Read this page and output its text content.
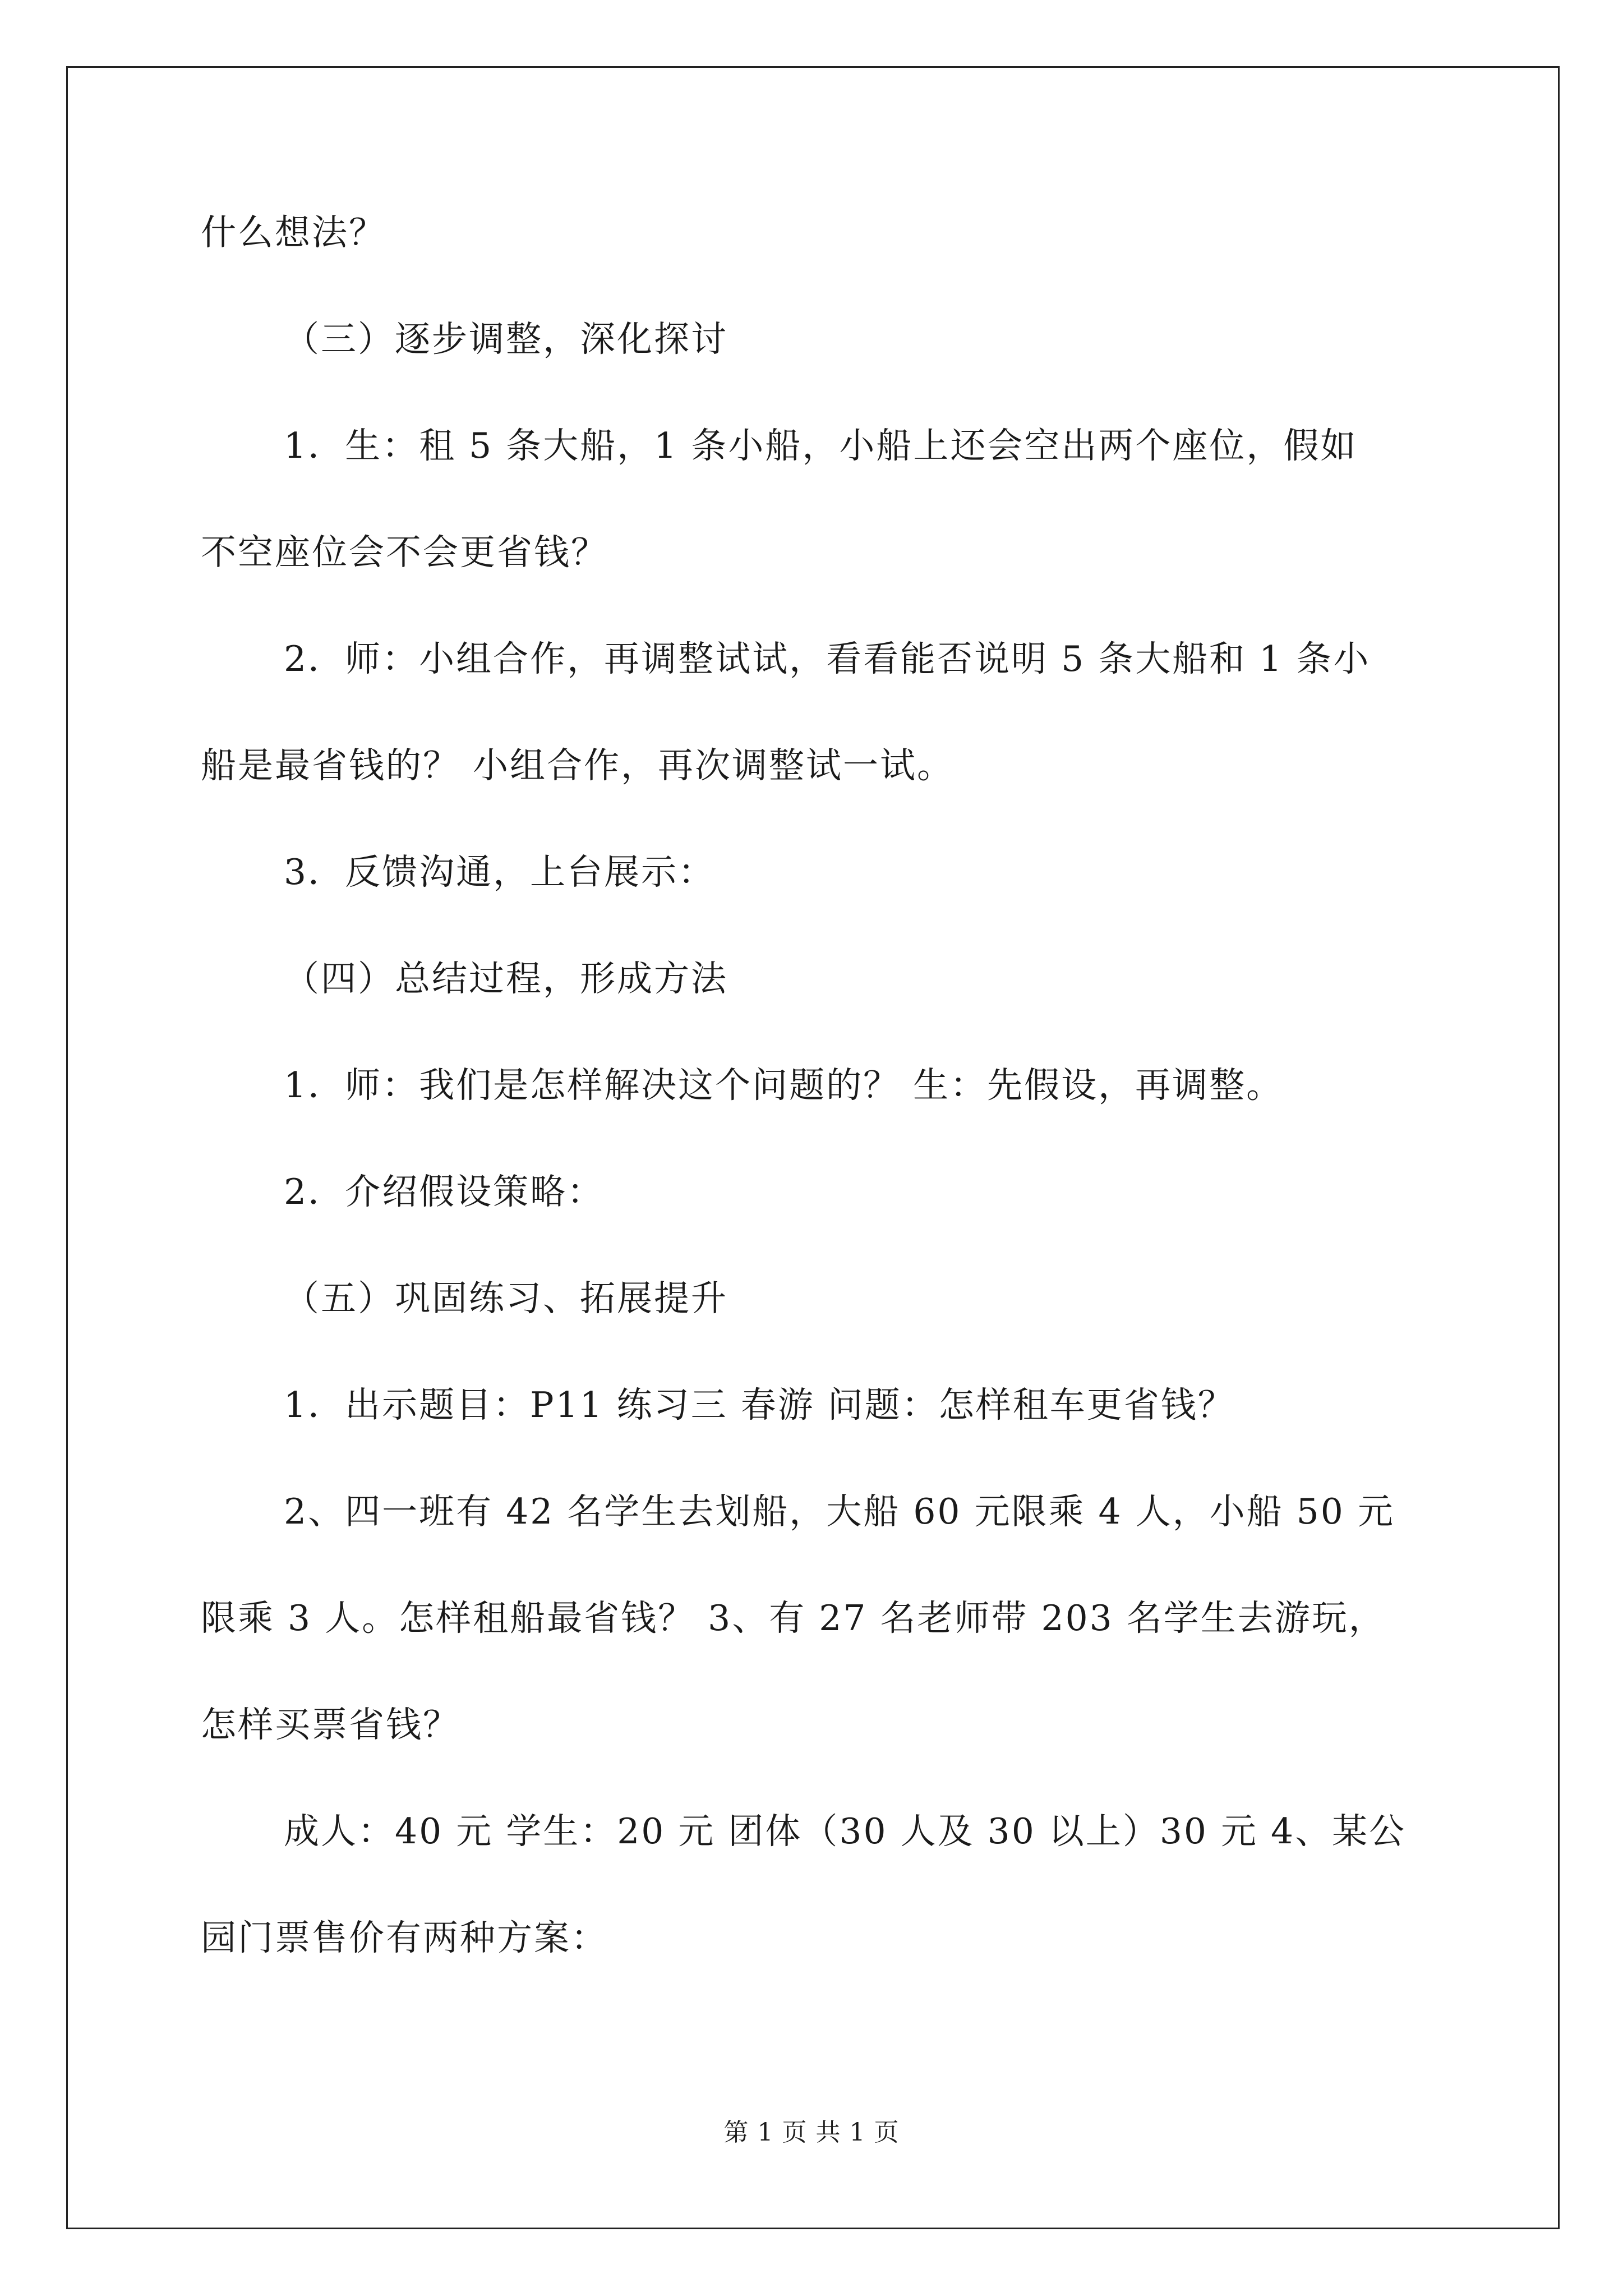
什么想法？
（三）逐步调整，深化探讨
1．生：租 5 条大船，1 条小船，小船上还会空出两个座位，假如
不空座位会不会更省钱？
2．师：小组合作，再调整试试，看看能否说明 5 条大船和 1 条小
船是最省钱的？ 小组合作，再次调整试一试。
3．反馈沟通，上台展示：
（四）总结过程，形成方法
1．师：我们是怎样解决这个问题的？ 生：先假设，再调整。
2．介绍假设策略：
（五）巩固练习、拓展提升
1．出示题目：P11 练习三 春游 问题：怎样租车更省钱？
2、四一班有 42 名学生去划船，大船 60 元限乘 4 人，小船 50 元
限乘 3 人。怎样租船最省钱？ 3、有 27 名老师带 203 名学生去游玩，
怎样买票省钱？
成人：40 元 学生：20 元 团体（30 人及 30 以上）30 元 4、某公
园门票售价有两种方案：
第 1 页 共 1 页
